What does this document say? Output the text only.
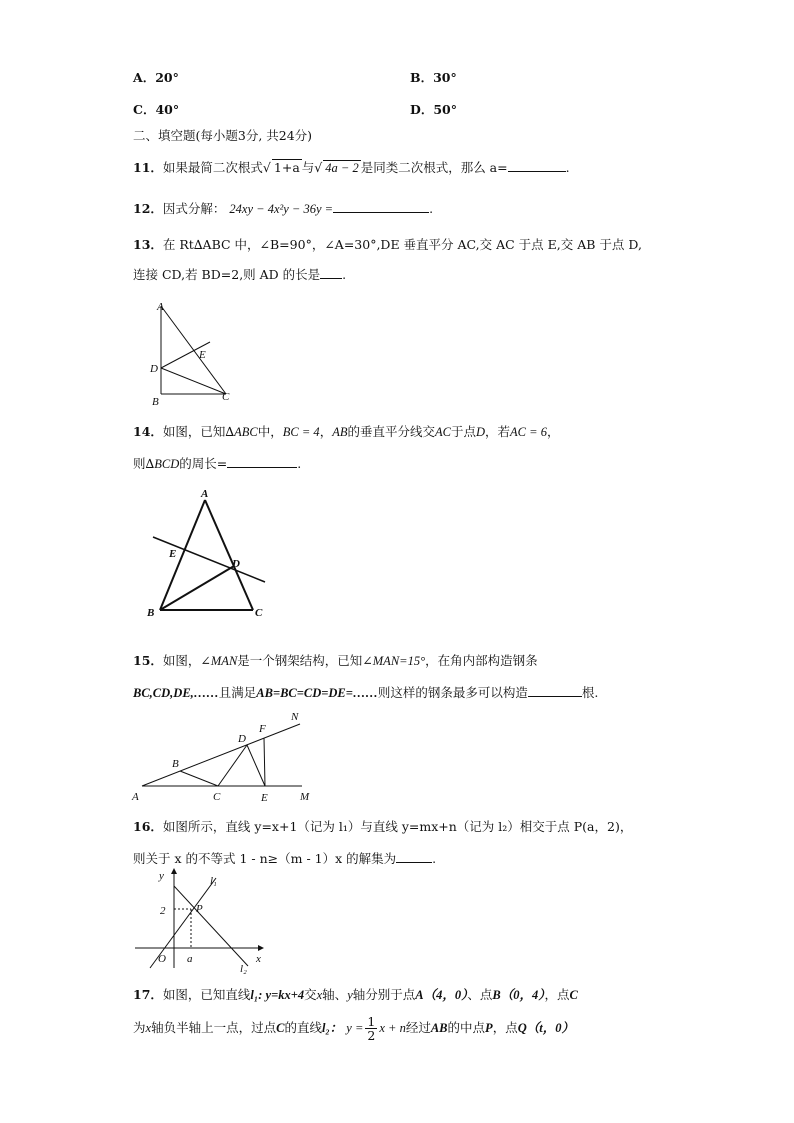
A．20°	B．30°
C．40°	D．50°
二、填空题(每小题3分, 共24分)
11．如果最简二次根式√ 1+a 与√ 4a − 2 是同类二次根式，那么 a=	.
12．因式分解： 24xy − 4x²y − 36y =	.
13．在 Rt∆ABC 中，∠B=90°，∠A=30°,DE 垂直平分 AC,交 AC 于点 E,交 AB 于点 D,
连接 CD,若 BD=2,则 AD 的长是 .
A
D
E
B	C
14．如图，已知∆ABC中，BC = 4，AB的垂直平分线交AC于点D，若AC = 6，
则∆BCD的周长=	.
A
E
D
B	C
15．如图，∠MAN是一个钢架结构，已知∠MAN=15°，在角内部构造钢条
BC,CD,DE,……且满足AB=BC=CD=DE=……则这样的钢条最多可以构造	根.
N
F
D
B
A	C	E	M
16．如图所示，直线 y=x+1（记为 l₁）与直线 y=mx+n（记为 l₂）相交于点 P(a，2)，
则关于 x 的不等式 1 - n≥（m - 1）x 的解集为	.
y	l₁
2	P
O a
l₂
x
17．如图，已知直线l₁: y=kx+4交x轴、y轴分别于点A（4，0）、点B（0，4），点C
为x轴负半轴上一点，过点C的直线l₂： $y = \frac{1}{2}$ x + n经过AB的中点P，点Q（t，0）
